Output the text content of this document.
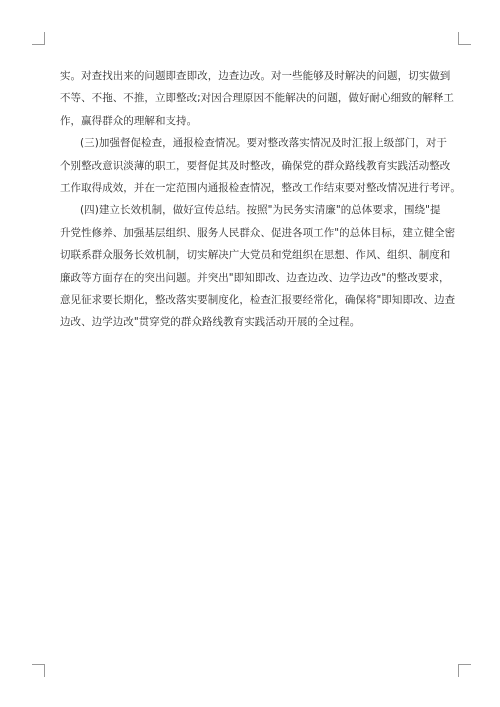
实。对查找出来的问题即查即改，边查边改。对一些能够及时解决的问题，切实做到
不等、不拖、不推，立即整改;对因合理原因不能解决的问题，做好耐心细致的解释工
作，赢得群众的理解和支持。

(三)加强督促检查，通报检查情况。要对整改落实情况及时汇报上级部门，对于
个别整改意识淡薄的职工，要督促其及时整改，确保党的群众路线教育实践活动整改
工作取得成效，并在一定范围内通报检查情况，整改工作结束要对整改情况进行考评。

(四)建立长效机制，做好宣传总结。按照"为民务实清廉"的总体要求，围绕"提
升党性修养、加强基层组织、服务人民群众、促进各项工作"的总体目标，建立健全密
切联系群众服务长效机制，切实解决广大党员和党组织在思想、作风、组织、制度和
廉政等方面存在的突出问题。并突出"即知即改、边查边改、边学边改"的整改要求，
意见征求要长期化，整改落实要制度化，检查汇报要经常化，确保将"即知即改、边查
边改、边学边改"贯穿党的群众路线教育实践活动开展的全过程。
